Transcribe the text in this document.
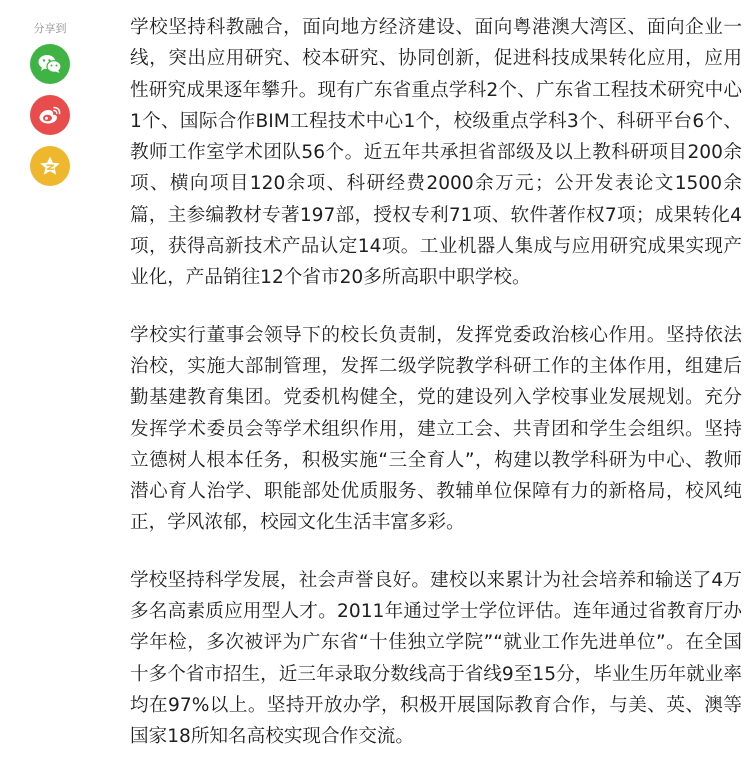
分享到	学校坚持科教融合，面向地方经济建设、面向粤港澳大湾区、面向企业一线，突出应用研究、校本研究、协同创新，促进科技成果转化应用，应用性研究成果逐年攀升。现有广东省重点学科2个、广东省工程技术研究中心1个、国际合作BIM工程技术中心1个，校级重点学科3个、科研平台6个、教师工作室学术团队56个。近五年共承担省部级及以上教科研项目200余项、横向项目120余项、科研经费2000余万元；公开发表论文1500余篇，主参编教材专著197部，授权专利71项、软件著作权7项；成果转化4项，获得高新技术产品认定14项。工业机器人集成与应用研究成果实现产业化，产品销往12个省市20多所高职中职学校。

学校实行董事会领导下的校长负责制，发挥党委政治核心作用。坚持依法治校，实施大部制管理，发挥二级学院教学科研工作的主体作用，组建后勤基建教育集团。党委机构健全，党的建设列入学校事业发展规划。充分发挥学术委员会等学术组织作用，建立工会、共青团和学生会组织。坚持立德树人根本任务，积极实施“三全育人”，构建以教学科研为中心、教师潜心育人治学、职能部处优质服务、教辅单位保障有力的新格局，校风纯正，学风浓郁，校园文化生活丰富多彩。

学校坚持科学发展，社会声誉良好。建校以来累计为社会培养和输送了4万多名高素质应用型人才。2011年通过学士学位评估。连年通过省教育厅办学年检，多次被评为广东省“十佳独立学院”“就业工作先进单位”。在全国十多个省市招生，近三年录取分数线高于省线9至15分，毕业生历年就业率均在97%以上。坚持开放办学，积极开展国际教育合作，与美、英、澳等国家18所知名高校实现合作交流。
